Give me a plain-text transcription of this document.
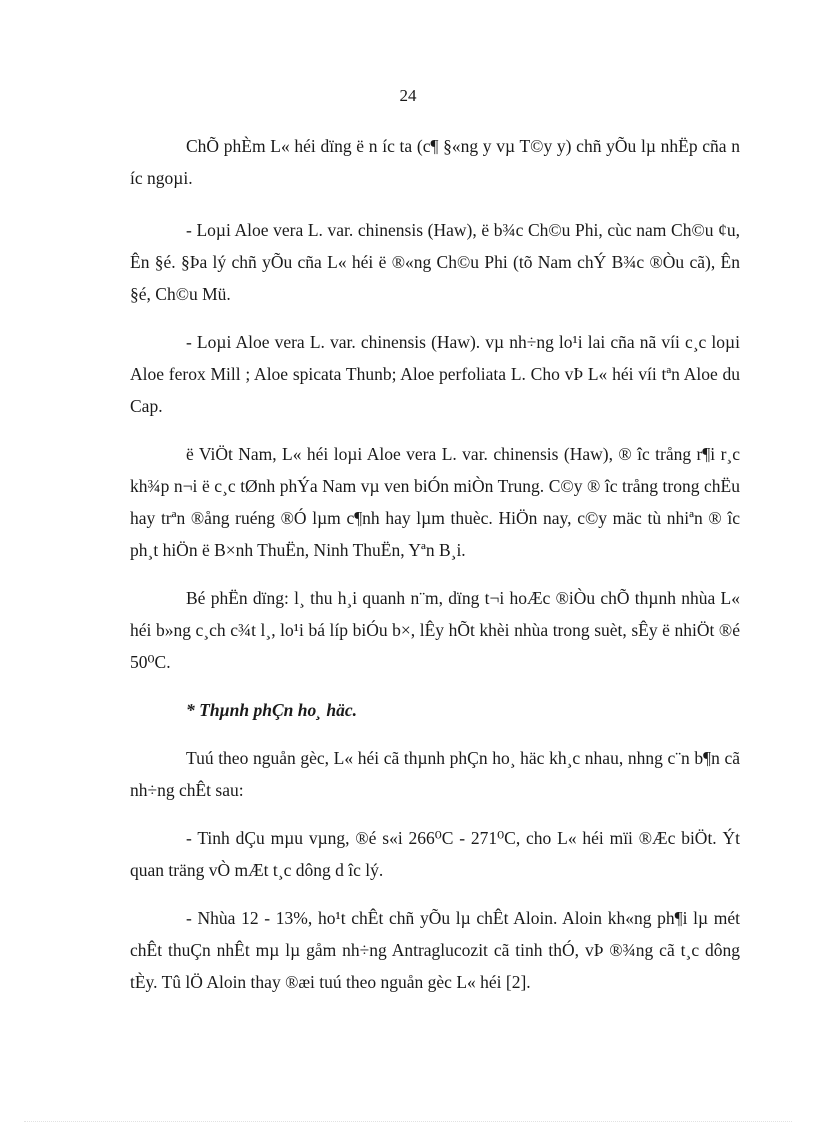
24

ChÕ phÈm L« héi dïng ë n íc ta (c¶ §«ng y vµ T©y y) chñ yÕu lµ nhËp cña n íc ngoµi.

- Loµi Aloe vera L. var. chinensis (Haw), ë b¾c Ch©u Phi, cùc nam Ch©u ¢u, Ên §é. §Þa lý chñ yÕu cña L« héi ë ®«ng Ch©u Phi (tõ Nam chÝ B¾c ®Òu cã), Ên §é, Ch©u Mü.

- Loµi Aloe vera L. var. chinensis (Haw). vµ nh÷ng lo¹i lai cña nã víi c¸c loµi Aloe ferox Mill ; Aloe spicata Thunb; Aloe perfoliata L. Cho vÞ L« héi víi tªn Aloe du Cap.

ë ViÖt Nam, L« héi loµi Aloe vera L. var. chinensis (Haw), ® îc trång r¶i r¸c kh¾p n¬i ë c¸c tØnh phÝa Nam vµ ven biÓn miÒn Trung. C©y ® îc trång trong chËu hay trªn ®ång ruéng ®Ó lµm c¶nh hay lµm thuèc. HiÖn nay, c©y mäc tù nhiªn ® îc ph¸t hiÖn ë B×nh ThuËn, Ninh ThuËn, Yªn B¸i.

Bé phËn dïng: l¸ thu h¸i quanh n¨m, dïng t¬i hoÆc ®iÒu chÕ thµnh nhùa L« héi b»ng c¸ch c¾t l¸, lo¹i bá líp biÓu b×, lÊy hÕt khèi nhùa trong suèt, sÊy ë nhiÖt ®é 50⁰C.

* Thµnh phÇn ho¸ häc.

Tuú theo nguån gèc, L« héi cã thµnh phÇn ho¸ häc kh¸c nhau, nhng c¨n b¶n cã nh÷ng chÊt sau:

- Tinh dÇu mµu vµng, ®é s«i 266⁰C - 271⁰C, cho L« héi mïi ®Æc biÖt. Ýt quan träng vÒ mÆt t¸c dông d îc lý.

- Nhùa 12 - 13%, ho¹t chÊt chñ yÕu lµ chÊt Aloin. Aloin kh«ng ph¶i lµ mét chÊt thuÇn nhÊt mµ lµ gåm nh÷ng Antraglucozit cã tinh thÓ, vÞ ®¾ng cã t¸c dông tÈy. Tû lÖ Aloin thay ®æi tuú theo nguån gèc L« héi [2].
